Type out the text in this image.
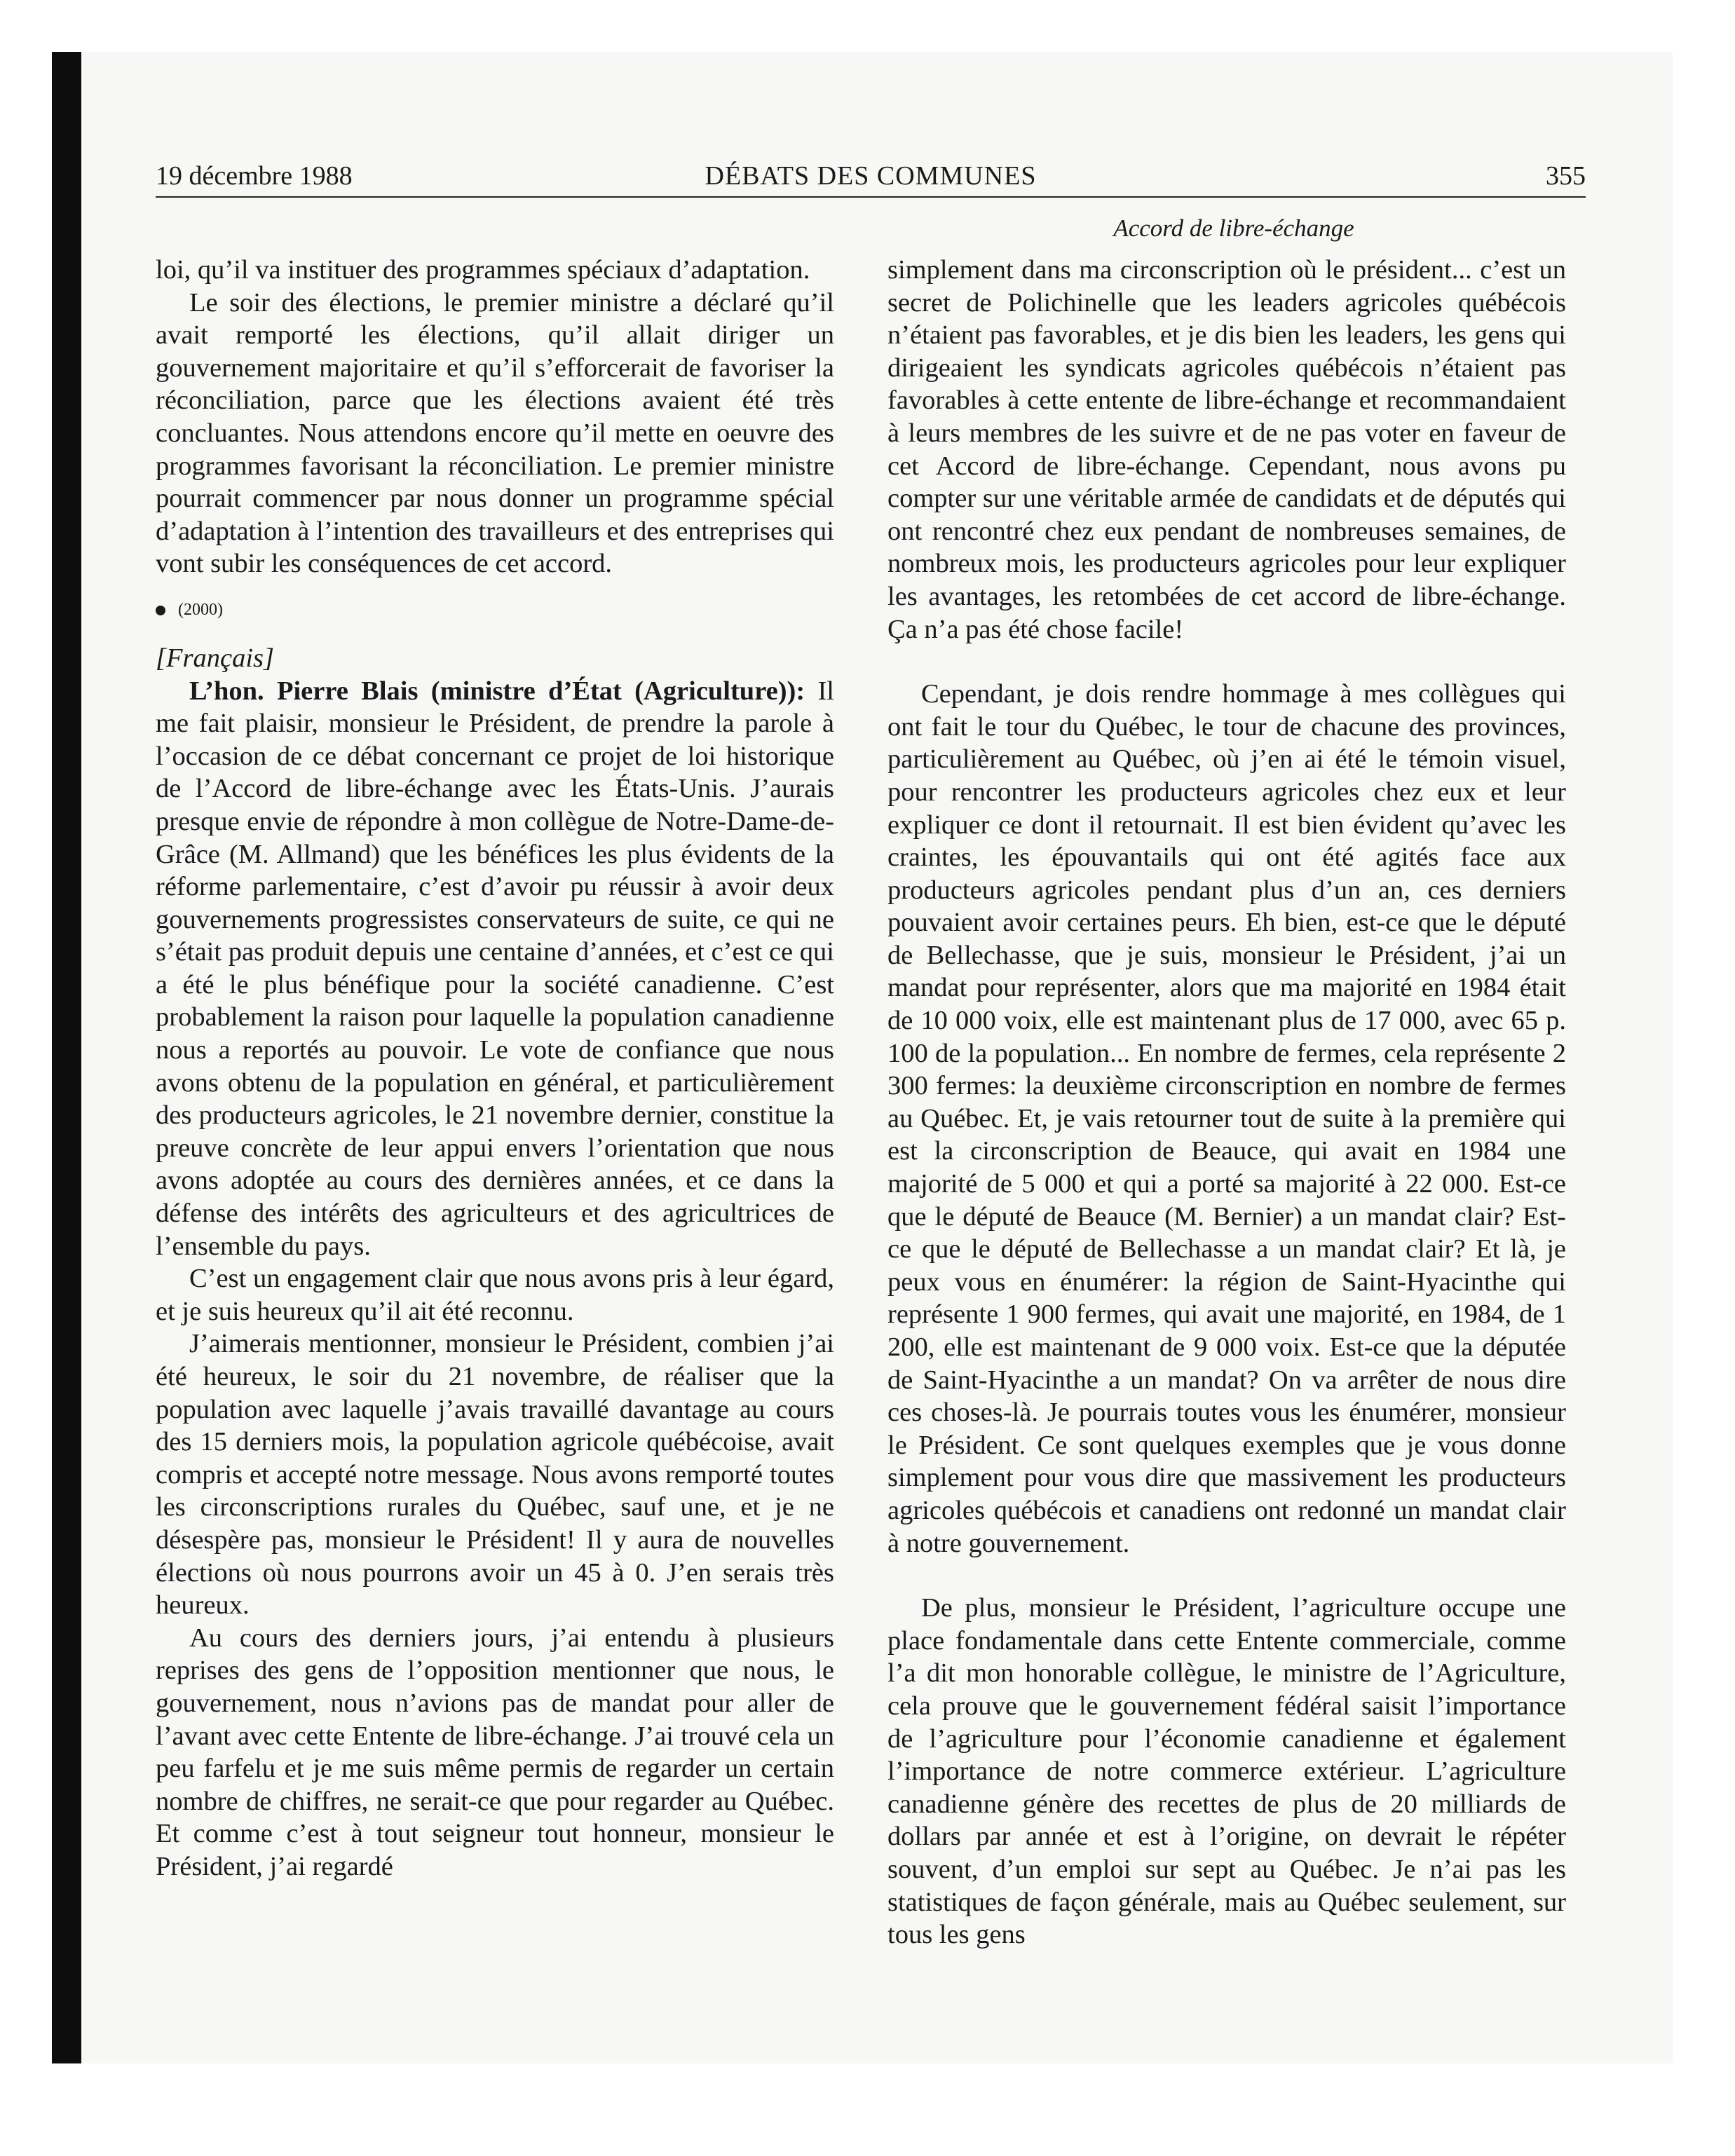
19 décembre 1988	DÉBATS DES COMMUNES	355
Accord de libre-échange

loi, qu’il va instituer des programmes spéciaux d’adaptation.

Le soir des élections, le premier ministre a déclaré qu’il avait remporté les élections, qu’il allait diriger un gouvernement majoritaire et qu’il s’efforcerait de favoriser la réconciliation, parce que les élections avaient été très concluantes. Nous attendons encore qu’il mette en oeuvre des programmes favorisant la réconciliation. Le premier ministre pourrait commencer par nous donner un programme spécial d’adaptation à l’intention des travailleurs et des entreprises qui vont subir les conséquences de cet accord.

(2000)

[Français]

L’hon. Pierre Blais (ministre d’État (Agriculture)): Il me fait plaisir, monsieur le Président, de prendre la parole à l’occasion de ce débat concernant ce projet de loi historique de l’Accord de libre-échange avec les États-Unis. J’aurais presque envie de répondre à mon collègue de Notre-Dame-de-Grâce (M. Allmand) que les bénéfices les plus évidents de la réforme parlementaire, c’est d’avoir pu réussir à avoir deux gouvernements progressistes conservateurs de suite, ce qui ne s’était pas produit depuis une centaine d’années, et c’est ce qui a été le plus bénéfique pour la société canadienne. C’est probablement la raison pour laquelle la population canadienne nous a reportés au pouvoir. Le vote de confiance que nous avons obtenu de la population en général, et particulièrement des producteurs agricoles, le 21 novembre dernier, constitue la preuve concrète de leur appui envers l’orientation que nous avons adoptée au cours des dernières années, et ce dans la défense des intérêts des agriculteurs et des agricultrices de l’ensemble du pays.

C’est un engagement clair que nous avons pris à leur égard, et je suis heureux qu’il ait été reconnu.

J’aimerais mentionner, monsieur le Président, combien j’ai été heureux, le soir du 21 novembre, de réaliser que la population avec laquelle j’avais travaillé davantage au cours des 15 derniers mois, la population agricole québécoise, avait compris et accepté notre message. Nous avons remporté toutes les circonscriptions rurales du Québec, sauf une, et je ne désespère pas, monsieur le Président! Il y aura de nouvelles élections où nous pourrons avoir un 45 à 0. J’en serais très heureux.

Au cours des derniers jours, j’ai entendu à plusieurs reprises des gens de l’opposition mentionner que nous, le gouvernement, nous n’avions pas de mandat pour aller de l’avant avec cette Entente de libre-échange. J’ai trouvé cela un peu farfelu et je me suis même permis de regarder un certain nombre de chiffres, ne serait-ce que pour regarder au Québec. Et comme c’est à tout seigneur tout honneur, monsieur le Président, j’ai regardé

simplement dans ma circonscription où le président... c’est un secret de Polichinelle que les leaders agricoles québécois n’étaient pas favorables, et je dis bien les leaders, les gens qui dirigeaient les syndicats agricoles québécois n’étaient pas favorables à cette entente de libre-échange et recommandaient à leurs membres de les suivre et de ne pas voter en faveur de cet Accord de libre-échange. Cependant, nous avons pu compter sur une véritable armée de candidats et de députés qui ont rencontré chez eux pendant de nombreuses semaines, de nombreux mois, les producteurs agricoles pour leur expliquer les avantages, les retombées de cet accord de libre-échange. Ça n’a pas été chose facile!

Cependant, je dois rendre hommage à mes collègues qui ont fait le tour du Québec, le tour de chacune des provinces, particulièrement au Québec, où j’en ai été le témoin visuel, pour rencontrer les producteurs agricoles chez eux et leur expliquer ce dont il retournait. Il est bien évident qu’avec les craintes, les épouvantails qui ont été agités face aux producteurs agricoles pendant plus d’un an, ces derniers pouvaient avoir certaines peurs. Eh bien, est-ce que le député de Bellechasse, que je suis, monsieur le Président, j’ai un mandat pour représenter, alors que ma majorité en 1984 était de 10 000 voix, elle est maintenant plus de 17 000, avec 65 p. 100 de la population... En nombre de fermes, cela représente 2 300 fermes: la deuxième circonscription en nombre de fermes au Québec. Et, je vais retourner tout de suite à la première qui est la circonscription de Beauce, qui avait en 1984 une majorité de 5 000 et qui a porté sa majorité à 22 000. Est-ce que le député de Beauce (M. Bernier) a un mandat clair? Est-ce que le député de Bellechasse a un mandat clair? Et là, je peux vous en énumérer: la région de Saint-Hyacinthe qui représente 1 900 fermes, qui avait une majorité, en 1984, de 1 200, elle est maintenant de 9 000 voix. Est-ce que la députée de Saint-Hyacinthe a un mandat? On va arrêter de nous dire ces choses-là. Je pourrais toutes vous les énumérer, monsieur le Président. Ce sont quelques exemples que je vous donne simplement pour vous dire que massivement les producteurs agricoles québécois et canadiens ont redonné un mandat clair à notre gouvernement.

De plus, monsieur le Président, l’agriculture occupe une place fondamentale dans cette Entente commerciale, comme l’a dit mon honorable collègue, le ministre de l’Agriculture, cela prouve que le gouvernement fédéral saisit l’importance de l’agriculture pour l’économie canadienne et également l’importance de notre commerce extérieur. L’agriculture canadienne génère des recettes de plus de 20 milliards de dollars par année et est à l’origine, on devrait le répéter souvent, d’un emploi sur sept au Québec. Je n’ai pas les statistiques de façon générale, mais au Québec seulement, sur tous les gens
